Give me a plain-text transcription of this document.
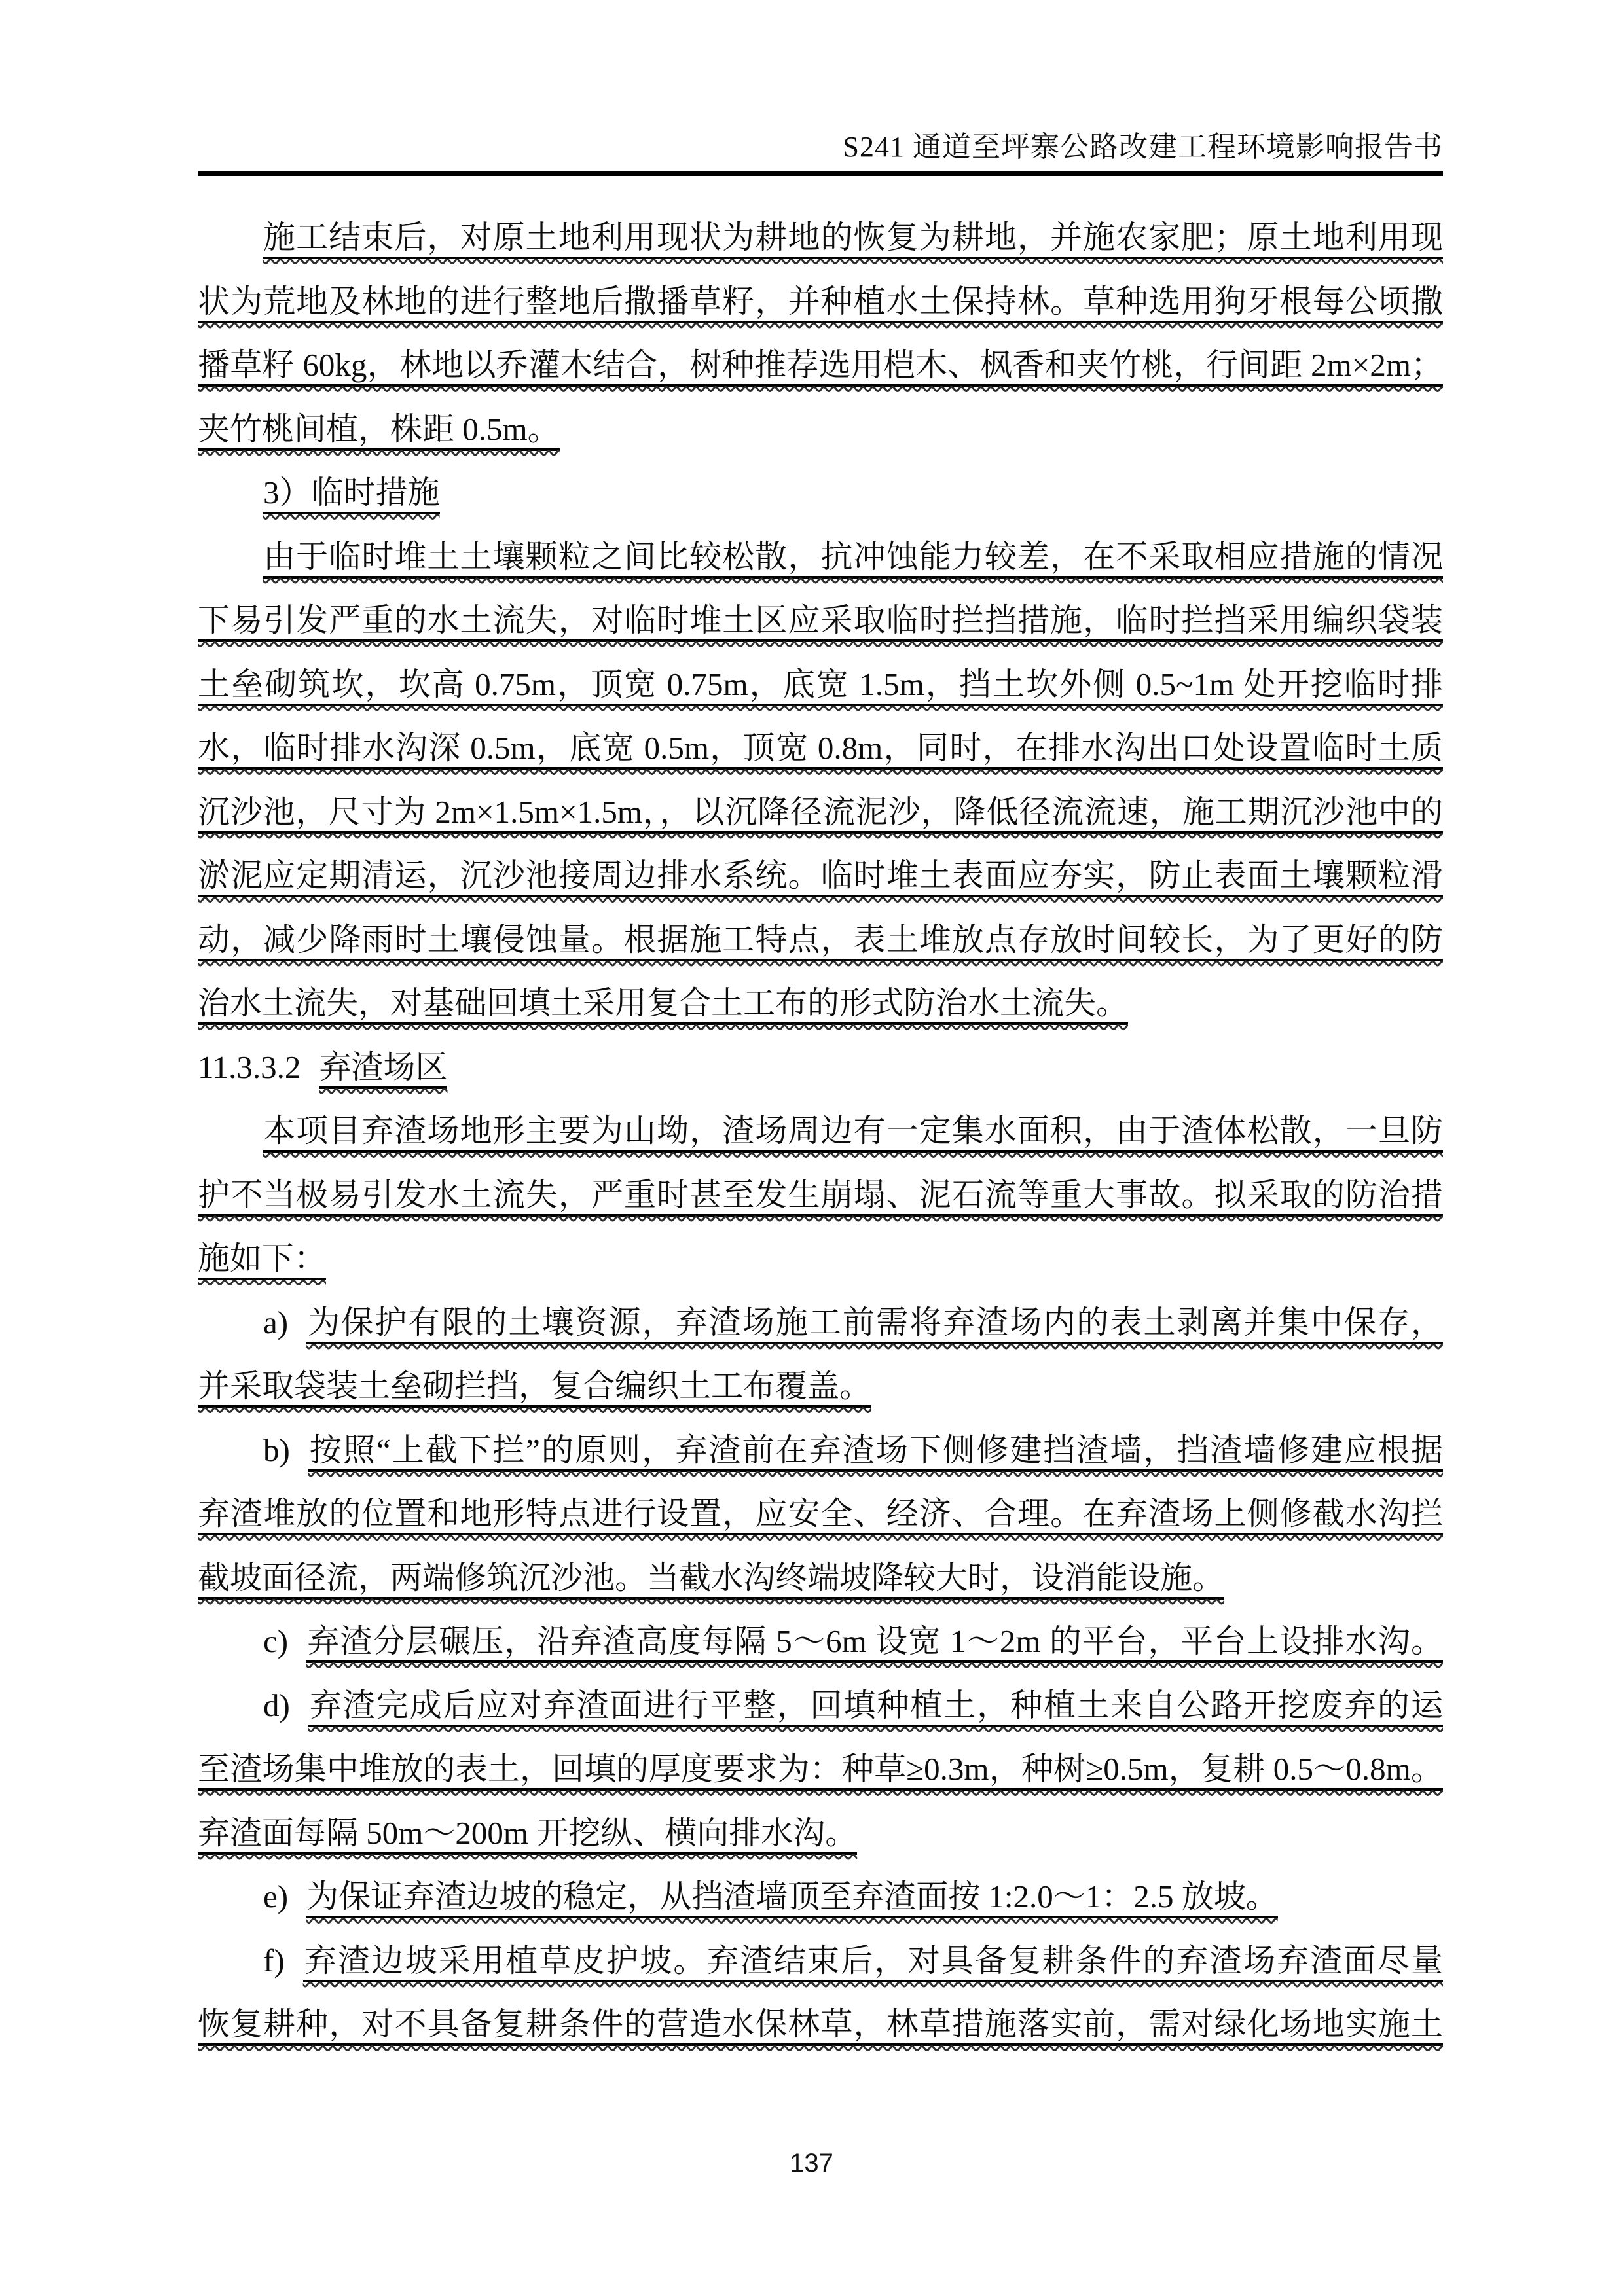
S241 通道至坪寨公路改建工程环境影响报告书
施工结束后，对原土地利用现状为耕地的恢复为耕地，并施农家肥；原土地利用现
状为荒地及林地的进行整地后撒播草籽，并种植水土保持林。草种选用狗牙根每公顷撒
播草籽 60kg，林地以乔灌木结合，树种推荐选用桤木、枫香和夹竹桃，行间距 2m×2m；
夹竹桃间植，株距 0.5m。
3）临时措施
由于临时堆土土壤颗粒之间比较松散，抗冲蚀能力较差，在不采取相应措施的情况
下易引发严重的水土流失，对临时堆土区应采取临时拦挡措施，临时拦挡采用编织袋装
土垒砌筑坎，坎高 0.75m，顶宽 0.75m，底宽 1.5m，挡土坎外侧 0.5~1m 处开挖临时排
水，临时排水沟深 0.5m，底宽 0.5m，顶宽 0.8m，同时，在排水沟出口处设置临时土质
沉沙池，尺寸为 2m×1.5m×1.5m，，以沉降径流泥沙，降低径流流速，施工期沉沙池中的
淤泥应定期清运，沉沙池接周边排水系统。临时堆土表面应夯实，防止表面土壤颗粒滑
动，减少降雨时土壤侵蚀量。根据施工特点，表土堆放点存放时间较长，为了更好的防
治水土流失，对基础回填土采用复合土工布的形式防治水土流失。
11.3.3.2 弃渣场区
本项目弃渣场地形主要为山坳，渣场周边有一定集水面积，由于渣体松散，一旦防
护不当极易引发水土流失，严重时甚至发生崩塌、泥石流等重大事故。拟采取的防治措
施如下：
a) 为保护有限的土壤资源，弃渣场施工前需将弃渣场内的表土剥离并集中保存，
并采取袋装土垒砌拦挡，复合编织土工布覆盖。
b) 按照“上截下拦”的原则，弃渣前在弃渣场下侧修建挡渣墙，挡渣墙修建应根据
弃渣堆放的位置和地形特点进行设置，应安全、经济、合理。在弃渣场上侧修截水沟拦
截坡面径流，两端修筑沉沙池。当截水沟终端坡降较大时，设消能设施。
c) 弃渣分层碾压，沿弃渣高度每隔 5～6m 设宽 1～2m 的平台，平台上设排水沟。
d) 弃渣完成后应对弃渣面进行平整，回填种植土，种植土来自公路开挖废弃的运
至渣场集中堆放的表土，回填的厚度要求为：种草≥0.3m，种树≥0.5m，复耕 0.5～0.8m。
弃渣面每隔 50m～200m 开挖纵、横向排水沟。
e) 为保证弃渣边坡的稳定，从挡渣墙顶至弃渣面按 1:2.0～1：2.5 放坡。
f) 弃渣边坡采用植草皮护坡。弃渣结束后，对具备复耕条件的弃渣场弃渣面尽量
恢复耕种，对不具备复耕条件的营造水保林草，林草措施落实前，需对绿化场地实施土
137
